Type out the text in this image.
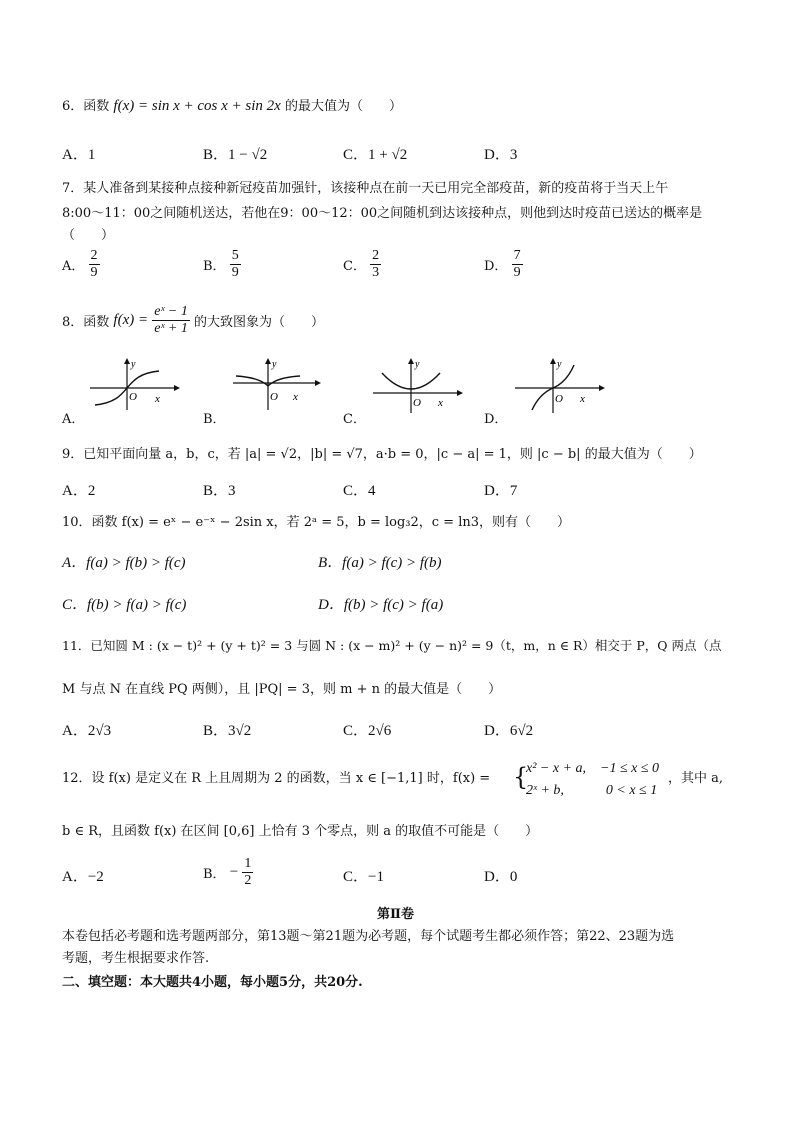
6．函数 f(x) = sin x + cos x + sin 2x 的最大值为（　　）
A．1	B．1 − √2	C．1 + √2	D．3
7．某人准备到某接种点接种新冠疫苗加强针，该接种点在前一天已用完全部疫苗，新的疫苗将于当天上午
8:00～11：00之间随机送达，若他在9：00～12：00之间随机到达该接种点，则他到达时疫苗已送达的概率是
（　　）
A． $\frac{2}{9}$	B． $\frac{5}{9}$	C． $\frac{2}{3}$	D． $\frac{7}{9}$
8．函数 $f(x) = \frac{\text{eˣ − 1}}{\text{eˣ + 1}}$ 的大致图象为（　　）
y
O x
A．
y
O x
B．
y
O x
C．
y
O x
D．
9．已知平面向量 a，b，c，若 |a| = √2，|b| = √7，a·b = 0，|c − a| = 1，则 |c − b| 的最大值为（　　）
A．2	B．3	C．4	D．7
10．函数 f(x) = eˣ − e⁻ˣ − 2sin x，若 2ᵃ = 5，b = log₃2，c = ln3，则有（　　）
A．f(a) > f(b) > f(c)	B．f(a) > f(c) > f(b)
C．f(b) > f(a) > f(c)	D．f(b) > f(c) > f(a)
11．已知圆 M : (x − t)² + (y + t)² = 3 与圆 N : (x − m)² + (y − n)² = 9（t，m，n ∈ R）相交于 P，Q 两点（点
M 与点 N 在直线 PQ 两侧），且 |PQ| = 3，则 m + n 的最大值是（　　）
A．2√3	B．3√2	C．2√6	D．6√2
12．设 f(x) 是定义在 R 上且周期为 2 的函数，当 x ∈ [−1,1] 时，f(x) = {
x² − x + a,　−1 ≤ x ≤ 0
2ˣ + b,　　　0 < x ≤ 1
，其中 a,
b ∈ R，且函数 f(x) 在区间 [0,6] 上恰有 3 个零点，则 a 的取值不可能是（　　）
A．−2	B． − $\frac{1}{2}$	C．−1	D．0
第Ⅱ卷
本卷包括必考题和选考题两部分，第13题～第21题为必考题，每个试题考生都必须作答；第22、23题为选
考题，考生根据要求作答.
二、填空题：本大题共4小题，每小题5分，共20分.
